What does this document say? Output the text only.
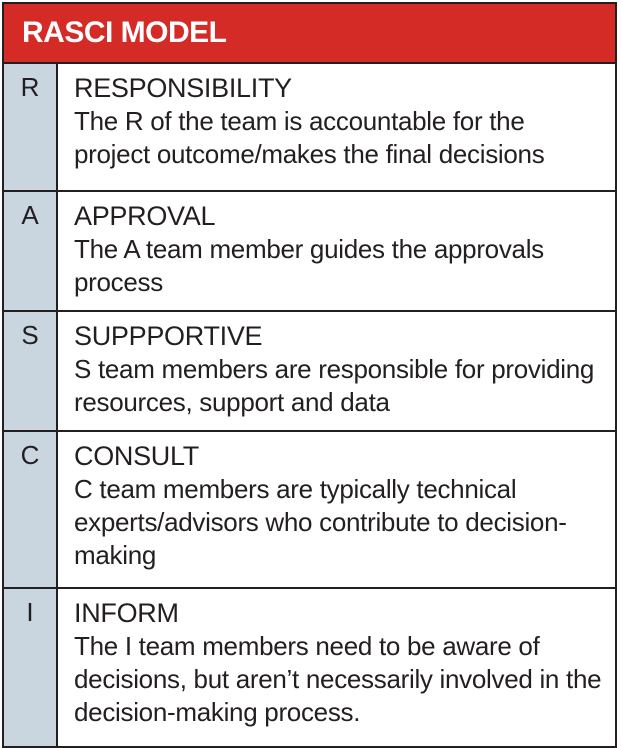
RASCI MODEL
R	RESPONSIBILITY
The R of the team is accountable for the project outcome/makes the final decisions
A	APPROVAL
The A team member guides the approvals process
S	SUPPPORTIVE
S team members are responsible for providing resources, support and data
C	CONSULT
C team members are typically technical experts/advisors who contribute to decision-making
I	INFORM
The I team members need to be aware of decisions, but aren’t necessarily involved in the decision-making process.
